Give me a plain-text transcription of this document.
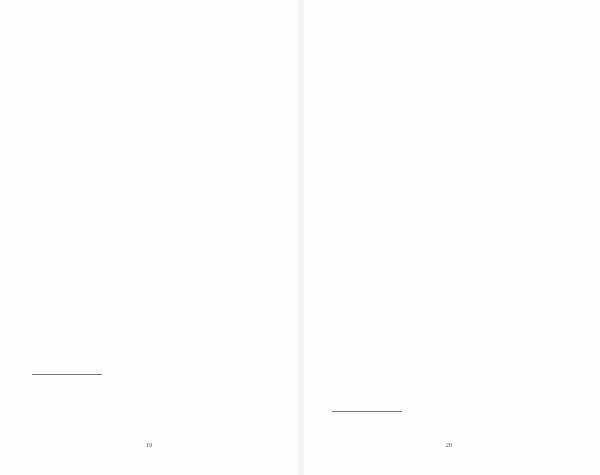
19	20
